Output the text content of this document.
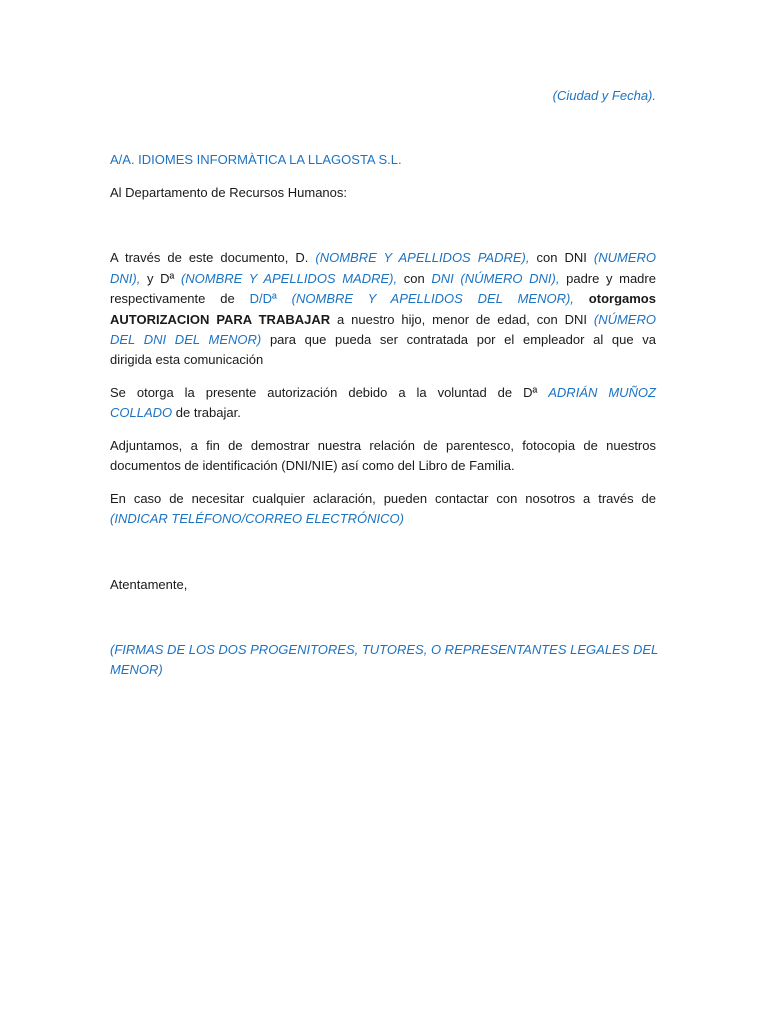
(Ciudad y Fecha).
A/A. IDIOMES INFORMÀTICA LA LLAGOSTA S.L.
Al Departamento de Recursos Humanos:
A través de este documento, D. (NOMBRE Y APELLIDOS PADRE), con DNI (NUMERO
DNI), y Dª (NOMBRE Y APELLIDOS MADRE), con DNI (NÚMERO DNI), padre y madre
respectivamente de D/Dª (NOMBRE Y APELLIDOS DEL MENOR), otorgamos
AUTORIZACION PARA TRABAJAR a nuestro hijo, menor de edad, con DNI (NÚMERO
DEL DNI DEL MENOR) para que pueda ser contratada por el empleador al que va
dirigida esta comunicación
Se otorga la presente autorización debido a la voluntad de Dª ADRIÁN MUÑOZ
COLLADO de trabajar.
Adjuntamos, a fin de demostrar nuestra relación de parentesco, fotocopia de nuestros
documentos de identificación (DNI/NIE) así como del Libro de Familia.
En caso de necesitar cualquier aclaración, pueden contactar con nosotros a través de
(INDICAR TELÉFONO/CORREO ELECTRÓNICO)
Atentamente,
(FIRMAS DE LOS DOS PROGENITORES, TUTORES, O REPRESENTANTES LEGALES DEL
MENOR)
